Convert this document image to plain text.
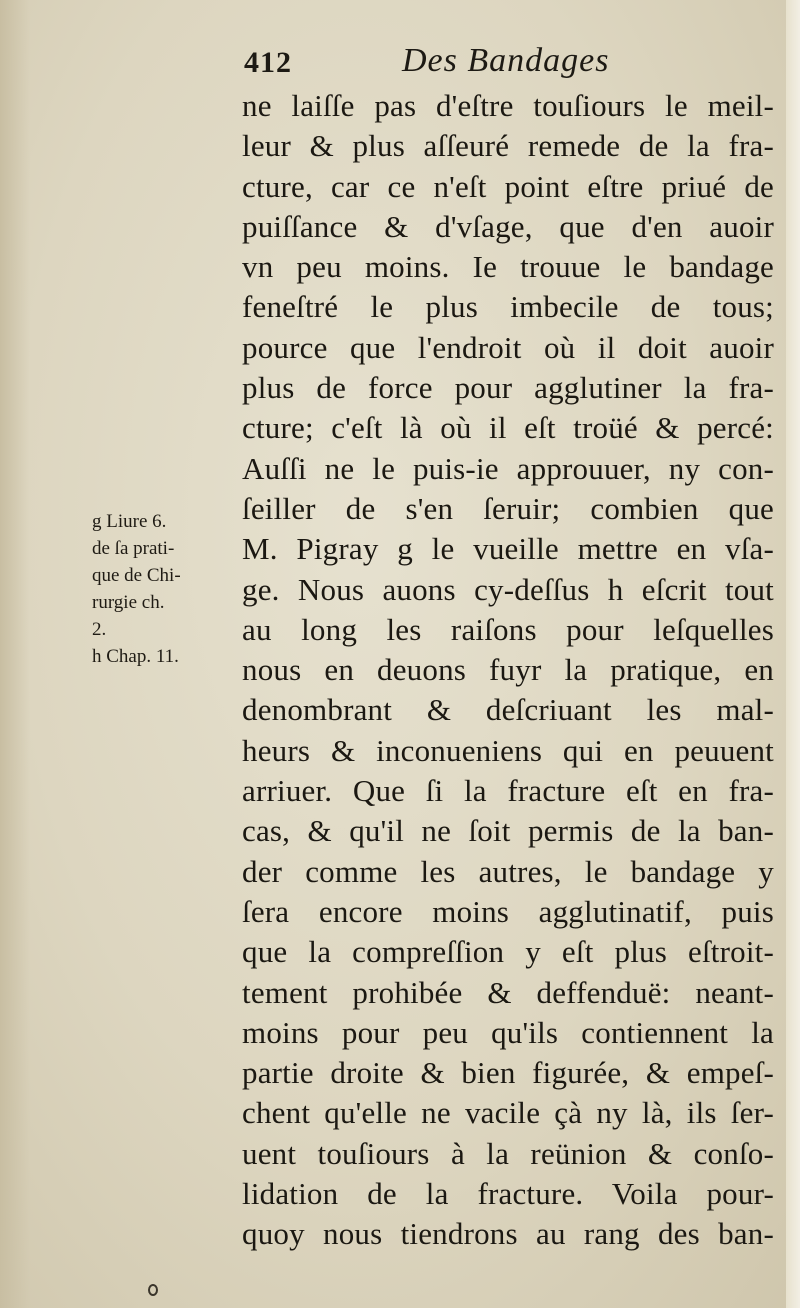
412	Des Bandages
ne laiſſe pas d'eſtre touſiours le meil-
leur & plus aſſeuré remede de la fra-
cture, car ce n'eſt point eſtre priué de
puiſſance & d'vſage, que d'en auoir
vn peu moins. Ie trouue le bandage
feneſtré le plus imbecile de tous;
pource que l'endroit où il doit auoir
plus de force pour agglutiner la fra-
cture; c'eſt là où il eſt troüé & percé:
Auſſi ne le puis-ie approuuer, ny con-
ſeiller de s'en ſeruir; combien que
M. Pigray g le vueille mettre en vſa-
ge. Nous auons cy-deſſus h eſcrit tout
au long les raiſons pour leſquelles
nous en deuons fuyr la pratique, en
denombrant & deſcriuant les mal-
heurs & inconueniens qui en peuuent
arriuer. Que ſi la fracture eſt en fra-
cas, & qu'il ne ſoit permis de la ban-
der comme les autres, le bandage y
ſera encore moins agglutinatif, puis
que la compreſſion y eſt plus eſtroit-
tement prohibée & deffenduë: neant-
moins pour peu qu'ils contiennent la
partie droite & bien figurée, & empeſ-
chent qu'elle ne vacile çà ny là, ils ſer-
uent touſiours à la reünion & conſo-
lidation de la fracture. Voila pour-
quoy nous tiendrons au rang des ban-
g Liure 6.
de ſa prati-
que de Chi-
rurgie ch.
2.
h Chap. 11.
